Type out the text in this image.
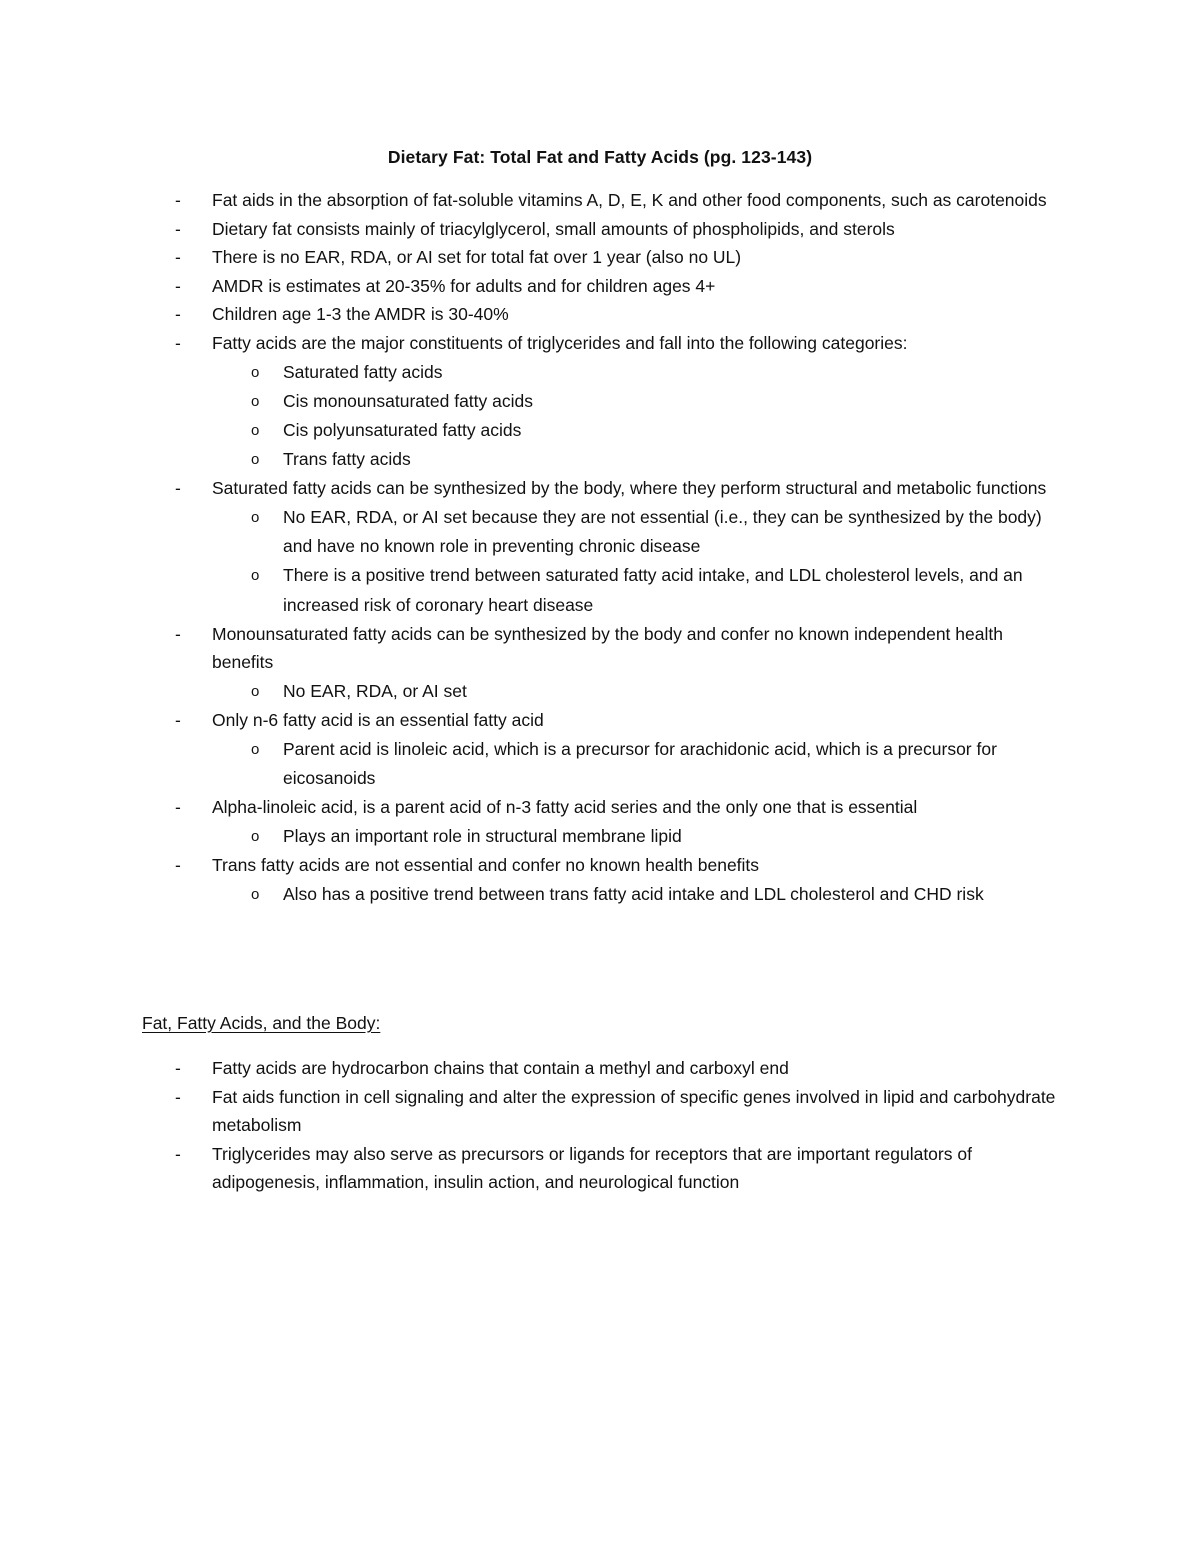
Dietary Fat: Total Fat and Fatty Acids (pg. 123-143)
- Fat aids in the absorption of fat-soluble vitamins A, D, E, K and other food components, such as carotenoids
- Dietary fat consists mainly of triacylglycerol, small amounts of phospholipids, and sterols
- There is no EAR, RDA, or AI set for total fat over 1 year (also no UL)
- AMDR is estimates at 20-35% for adults and for children ages 4+
- Children age 1-3 the AMDR is 30-40%
- Fatty acids are the major constituents of triglycerides and fall into the following categories:
o Saturated fatty acids
o Cis monounsaturated fatty acids
o Cis polyunsaturated fatty acids
o Trans fatty acids
- Saturated fatty acids can be synthesized by the body, where they perform structural and metabolic functions
o No EAR, RDA, or AI set because they are not essential (i.e., they can be synthesized by the body) and have no known role in preventing chronic disease
o There is a positive trend between saturated fatty acid intake, and LDL cholesterol levels, and an increased risk of coronary heart disease
- Monounsaturated fatty acids can be synthesized by the body and confer no known independent health benefits
o No EAR, RDA, or AI set
- Only n-6 fatty acid is an essential fatty acid
o Parent acid is linoleic acid, which is a precursor for arachidonic acid, which is a precursor for eicosanoids
- Alpha-linoleic acid, is a parent acid of n-3 fatty acid series and the only one that is essential
o Plays an important role in structural membrane lipid
- Trans fatty acids are not essential and confer no known health benefits
o Also has a positive trend between trans fatty acid intake and LDL cholesterol and CHD risk
Fat, Fatty Acids, and the Body:
- Fatty acids are hydrocarbon chains that contain a methyl and carboxyl end
- Fat aids function in cell signaling and alter the expression of specific genes involved in lipid and carbohydrate metabolism
- Triglycerides may also serve as precursors or ligands for receptors that are important regulators of adipogenesis, inflammation, insulin action, and neurological function
